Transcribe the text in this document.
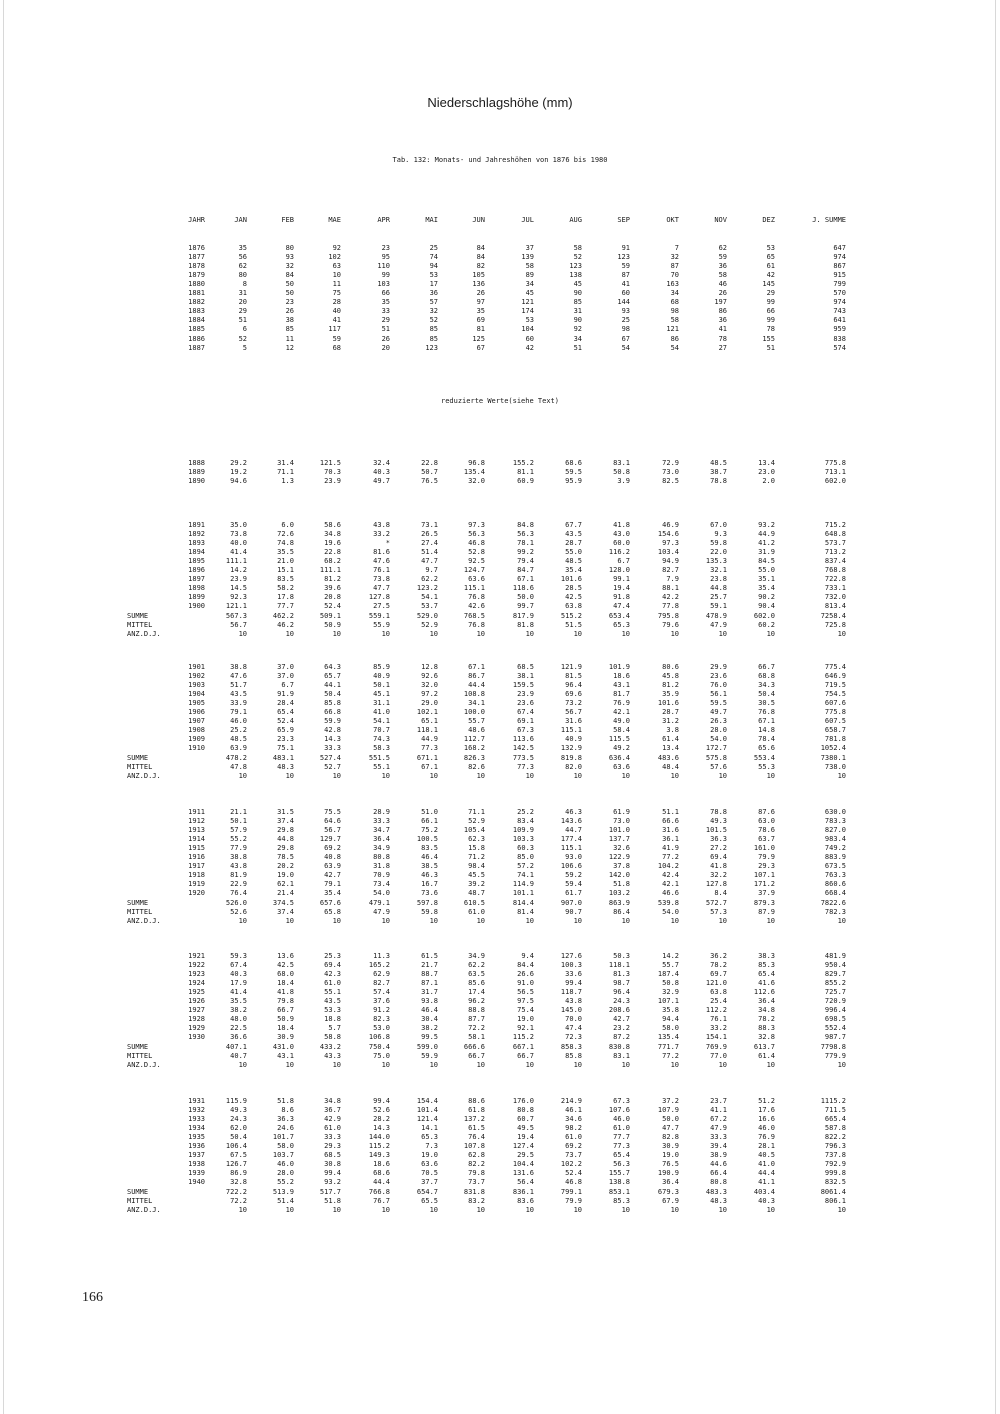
Niederschlagshöhe (mm)
Tab. 132: Monats- und Jahreshöhen von 1876 bis 1980
JAHR	JAN	FEB	MAE	APR	MAI	JUN	JUL	AUG	SEP	OKT	NOV	DEZ	J. SUMME
reduzierte Werte(siehe Text)
1876	35	80	92	23	25	84	37	58	91	7	62	53	647
1877	56	93	102	95	74	84	139	52	123	32	59	65	974
1878	62	32	63	110	94	82	58	123	59	87	36	61	867
1879	80	84	10	99	53	105	89	138	87	70	58	42	915
1880	8	50	11	103	17	136	34	45	41	163	46	145	799
1881	31	50	75	66	36	26	45	90	60	34	26	29	570
1882	20	23	28	35	57	97	121	85	144	68	197	99	974
1883	29	26	40	33	32	35	174	31	93	98	86	66	743
1884	51	38	41	29	52	69	53	90	25	58	36	99	641
1885	6	85	117	51	85	81	104	92	98	121	41	78	959
1886	52	11	59	26	85	125	60	34	67	86	78	155	838
1887	5	12	68	20	123	67	42	51	54	54	27	51	574
1888	29.2	31.4	121.5	32.4	22.8	96.8	155.2	68.6	83.1	72.9	48.5	13.4	775.8
1889	19.2	71.1	70.3	40.3	50.7	135.4	81.1	59.5	50.8	73.0	38.7	23.0	713.1
1890	94.6	1.3	23.9	49.7	76.5	32.0	60.9	95.9	3.9	82.5	78.8	2.0	602.0
1891	35.0	6.0	58.6	43.8	73.1	97.3	84.8	67.7	41.8	46.9	67.0	93.2	715.2
1892	73.8	72.6	34.8	33.2	26.5	56.3	56.3	43.5	43.0	154.6	9.3	44.9	648.8
1893	40.0	74.8	19.6	*	27.4	46.8	78.1	28.7	60.0	97.3	59.8	41.2	573.7
1894	41.4	35.5	22.8	81.6	51.4	52.8	99.2	55.0	116.2	103.4	22.0	31.9	713.2
1895	111.1	21.0	68.2	47.6	47.7	92.5	79.4	48.5	6.7	94.9	135.3	84.5	837.4
1896	14.2	15.1	111.1	76.1	9.7	124.7	84.7	35.4	128.0	82.7	32.1	55.0	768.8
1897	23.9	83.5	81.2	73.8	62.2	63.6	67.1	101.6	99.1	7.9	23.8	35.1	722.8
1898	14.5	58.2	39.6	47.7	123.2	115.1	118.6	28.5	19.4	88.1	44.8	35.4	733.1
1899	92.3	17.8	20.8	127.8	54.1	76.8	50.0	42.5	91.8	42.2	25.7	90.2	732.0
1900	121.1	77.7	52.4	27.5	53.7	42.6	99.7	63.8	47.4	77.8	59.1	90.4	813.4
SUMME	567.3	462.2	509.1	559.1	529.0	768.5	817.9	515.2	653.4	795.8	478.9	602.0	7258.4
MITTEL	56.7	46.2	50.9	55.9	52.9	76.8	81.8	51.5	65.3	79.6	47.9	60.2	725.8
ANZ.D.J.	10	10	10	10	10	10	10	10	10	10	10	10	10
1901	38.8	37.0	64.3	85.9	12.8	67.1	68.5	121.9	101.9	80.6	29.9	66.7	775.4
1902	47.6	37.0	65.7	40.9	92.6	86.7	38.1	81.5	18.6	45.8	23.6	68.8	646.9
1903	51.7	6.7	44.1	50.1	32.0	44.4	159.5	96.4	43.1	81.2	76.0	34.3	719.5
1904	43.5	91.9	50.4	45.1	97.2	108.8	23.9	69.6	81.7	35.9	56.1	50.4	754.5
1905	33.9	28.4	85.8	31.1	29.0	34.1	23.6	73.2	76.9	101.6	59.5	30.5	607.6
1906	79.1	65.4	66.8	41.0	102.1	100.0	67.4	56.7	42.1	28.7	49.7	76.8	775.8
1907	46.0	52.4	59.9	54.1	65.1	55.7	69.1	31.6	49.0	31.2	26.3	67.1	607.5
1908	25.2	65.9	42.8	70.7	118.1	48.6	67.3	115.1	58.4	3.8	28.0	14.8	658.7
1909	48.5	23.3	14.3	74.3	44.9	112.7	113.6	40.9	115.5	61.4	54.0	78.4	781.8
1910	63.9	75.1	33.3	58.3	77.3	168.2	142.5	132.9	49.2	13.4	172.7	65.6	1052.4
SUMME	478.2	483.1	527.4	551.5	671.1	826.3	773.5	819.8	636.4	483.6	575.8	553.4	7380.1
MITTEL	47.8	48.3	52.7	55.1	67.1	82.6	77.3	82.0	63.6	48.4	57.6	55.3	738.0
ANZ.D.J.	10	10	10	10	10	10	10	10	10	10	10	10	10
1911	21.1	31.5	75.5	28.9	51.0	71.1	25.2	46.3	61.9	51.1	78.8	87.6	630.0
1912	50.1	37.4	64.6	33.3	66.1	52.9	83.4	143.6	73.0	66.6	49.3	63.0	783.3
1913	57.9	29.8	56.7	34.7	75.2	105.4	109.9	44.7	101.0	31.6	101.5	78.6	827.0
1914	55.2	44.8	129.7	36.4	100.5	62.3	103.3	177.4	137.7	36.1	36.3	63.7	983.4
1915	77.9	29.8	69.2	34.9	83.5	15.8	60.3	115.1	32.6	41.9	27.2	161.0	749.2
1916	38.8	78.5	40.8	80.8	46.4	71.2	85.0	93.0	122.9	77.2	69.4	79.9	883.9
1917	43.8	20.2	63.9	31.8	38.5	98.4	57.2	106.6	37.8	104.2	41.8	29.3	673.5
1918	81.9	19.0	42.7	70.9	46.3	45.5	74.1	59.2	142.0	42.4	32.2	107.1	763.3
1919	22.9	62.1	79.1	73.4	16.7	39.2	114.9	59.4	51.8	42.1	127.8	171.2	860.6
1920	76.4	21.4	35.4	54.0	73.6	48.7	101.1	61.7	103.2	46.6	8.4	37.9	668.4
SUMME	526.0	374.5	657.6	479.1	597.8	610.5	814.4	907.0	863.9	539.8	572.7	879.3	7822.6
MITTEL	52.6	37.4	65.8	47.9	59.8	61.0	81.4	90.7	86.4	54.0	57.3	87.9	782.3
ANZ.D.J.	10	10	10	10	10	10	10	10	10	10	10	10	10
1921	59.3	13.6	25.3	11.3	61.5	34.9	9.4	127.6	50.3	14.2	36.2	38.3	481.9
1922	67.4	42.5	69.4	165.2	21.7	62.2	84.4	100.3	118.1	55.7	78.2	85.3	950.4
1923	40.3	68.0	42.3	62.9	88.7	63.5	26.6	33.6	81.3	187.4	69.7	65.4	829.7
1924	17.9	18.4	61.0	82.7	87.1	85.6	91.0	99.4	98.7	50.8	121.0	41.6	855.2
1925	41.4	41.8	55.1	57.4	31.7	17.4	56.5	118.7	96.4	32.9	63.8	112.6	725.7
1926	35.5	79.8	43.5	37.6	93.8	96.2	97.5	43.8	24.3	107.1	25.4	36.4	720.9
1927	38.2	66.7	53.3	91.2	46.4	88.8	75.4	145.0	208.6	35.8	112.2	34.8	996.4
1928	48.0	50.9	18.8	82.3	30.4	87.7	19.0	70.0	42.7	94.4	76.1	78.2	698.5
1929	22.5	18.4	5.7	53.0	38.2	72.2	92.1	47.4	23.2	58.0	33.2	88.3	552.4
1930	36.6	30.9	58.8	106.8	99.5	58.1	115.2	72.3	87.2	135.4	154.1	32.8	987.7
SUMME	407.1	431.0	433.2	750.4	599.0	666.6	667.1	858.3	830.8	771.7	769.9	613.7	7798.8
MITTEL	40.7	43.1	43.3	75.0	59.9	66.7	66.7	85.8	83.1	77.2	77.0	61.4	779.9
ANZ.D.J.	10	10	10	10	10	10	10	10	10	10	10	10	10
1931	115.9	51.8	34.8	99.4	154.4	88.6	176.0	214.9	67.3	37.2	23.7	51.2	1115.2
1932	49.3	8.6	36.7	52.6	101.4	61.8	80.8	46.1	107.6	107.9	41.1	17.6	711.5
1933	24.3	36.3	42.9	28.2	121.4	137.2	60.7	34.6	46.0	50.0	67.2	16.6	665.4
1934	62.0	24.6	61.0	14.3	14.1	61.5	49.5	98.2	61.0	47.7	47.9	46.0	587.8
1935	50.4	101.7	33.3	144.0	65.3	76.4	19.4	61.0	77.7	82.8	33.3	76.9	822.2
1936	106.4	58.0	29.3	115.2	7.3	107.8	127.4	69.2	77.3	30.9	39.4	28.1	796.3
1937	67.5	103.7	68.5	149.3	19.0	62.8	29.5	73.7	65.4	19.0	38.9	40.5	737.8
1938	126.7	46.0	30.8	18.6	63.6	82.2	104.4	102.2	56.3	76.5	44.6	41.0	792.9
1939	86.9	28.0	99.4	68.6	70.5	79.8	131.6	52.4	155.7	190.9	66.4	44.4	999.8
1940	32.8	55.2	93.2	44.4	37.7	73.7	56.4	46.8	138.8	36.4	80.8	41.1	832.5
SUMME	722.2	513.9	517.7	766.8	654.7	831.8	836.1	799.1	853.1	679.3	483.3	403.4	8061.4
MITTEL	72.2	51.4	51.8	76.7	65.5	83.2	83.6	79.9	85.3	67.9	48.3	40.3	806.1
ANZ.D.J.	10	10	10	10	10	10	10	10	10	10	10	10	10
166
